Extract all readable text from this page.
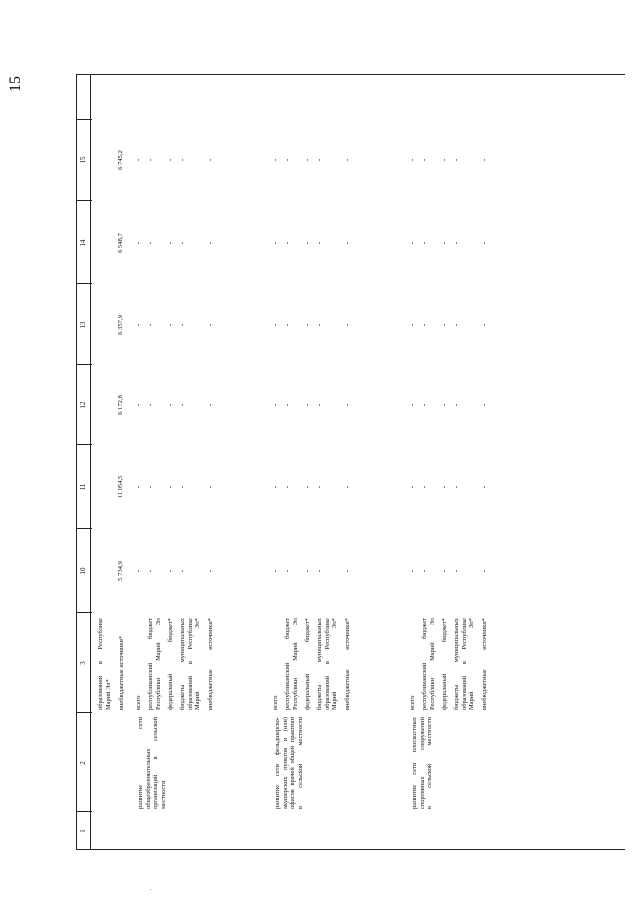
15
1
2
3
10
11
12
13
14
15
образований в Республике
Марий Эл* внебюджетные источники*
5 734,9
11 054,5
6 172,8
6 357,9
6 548,7
6 745,2
развитие сети
общеобразовательных организаций в сельской
местности
всего
-
-
-
-
-
-
республиканский бюджет Республики Марий Эл
-
-
-
-
-
-
федеральный бюджет*
-
-
-
-
-
-
бюджеты муниципальных
образований в Республике Марий Эл*
-
-
-
-
-
-
внебюджетные источники*
-
-
-
-
-
-
развитие сети фельдшерско-
акушерских пунктов и (или) офисов врачей общей практики в сельской местности
всего
-
-
-
-
-
-
республиканский бюджет Республики Марий Эл
-
-
-
-
-
-
федеральный бюджет*
-
-
-
-
-
-
бюджеты муниципальных
образований в Республике Марий Эл*
-
-
-
-
-
-
внебюджетные источники*
-
-
-
-
-
-
развитие сети плоскостных
спортивных сооружений в сельской местности
всего
-
-
-
-
-
-
республиканский бюджет Республики Марий Эл
-
-
-
-
-
-
федеральный бюджет*
-
-
-
-
-
-
бюджеты муниципальных
образований в Республике Марий Эл*
-
-
-
-
-
-
внебюджетные источники*
-
-
-
-
-
-
